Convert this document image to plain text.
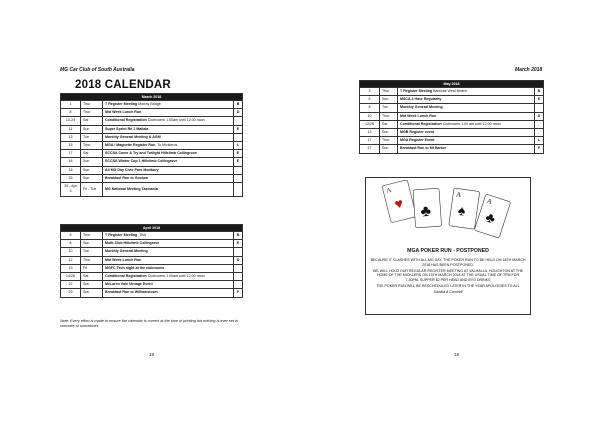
MG Car Club of South Australia	March 2018
2018 CALENDAR
March 2018			
1	Thur	T Register Meeting Murray Bridge	B
8	Thur	Mid Week Lunch Run	D
10-24	Sat	Conditional Registration Clubrooms 1.00am until 12.00 noon	
11	Sun	Super Sprint Rd 1 Mallala	E
13	Tue	Monthly General Meeting & AGM	
15	Thur	MGA / Magnette Register Run. To Mickleros	L
17	Sat	SCCSA Come & Try and Twilight Hillclimb Collingrove	E
18	Sun	SCCSA Winter Cup 1 Hillclimb Collingrove	E
18	Sun	All MG Day Civic Park Modbury	
25	Sun	Breakfast Run to Goolwa	
30 - Apr 3	Fri - Tue	MG National Meeting Tasmania	
April 2018			
5	Thur	T Register Meeting. TBA	B
8	Sun	Multi-Club Hillclimb Collingrove	E
10	Tue	Monthly General Meeting	
12	Thur	Mid Week Lunch Run	D
13	Fri	MGFC Tech night at the clubrooms	
14/28	Sat	Conditional Registration Clubrooms 1.00am until 12.00 noon	
22	Sun	McLaren Vale Vintage Event	
29	Sun	Breakfast Run to Williamstown	F
Note: Every effort is made to ensure the calendar is correct at the time of printing but nothing is ever set in concrete or sometimes
18	19
May 2018			
3	Thur	T Register Meeting Balzicas West Beach	B
6	Sun	MSCA 4 Hour Regularity	E
8	Tue	Monthly General Meeting	
10	Thur	Mid Week Lunch Run	D
12/26	Sat	Conditional Registration Clubrooms 1.00 am until 12.00 noon	
13	Sun	MGB Register event	
17	Thur	MGA Register Event	L
27	Sun	Breakfast Run to Mt Barker	F
A
♥ ♣
A
♠
A
♣
MGA POKER RUN - POSTPONED

BECAUSE IT CLASHES WITH ALL MG DAY, THE POKER RUN TO BE HELD ON 18TH MARCH 2018 HAS BEEN POSTPONED.

WE WILL HOLD OUR REGULAR REGISTER MEETING AT VALHALLA, HOUGHTON AT THE HOME OF THE MICKLERS ON 15TH MARCH 2018 AT THE USUAL TIME OF 7PM FOR 7.30PM. SUPPER $2 PER HEAD AND BYO DRINKS

THE POKER RUN WILL BE RESCHEDULED LATER IN THE YEAR APOLOGIES TO ALL

Sandra A Comhell
